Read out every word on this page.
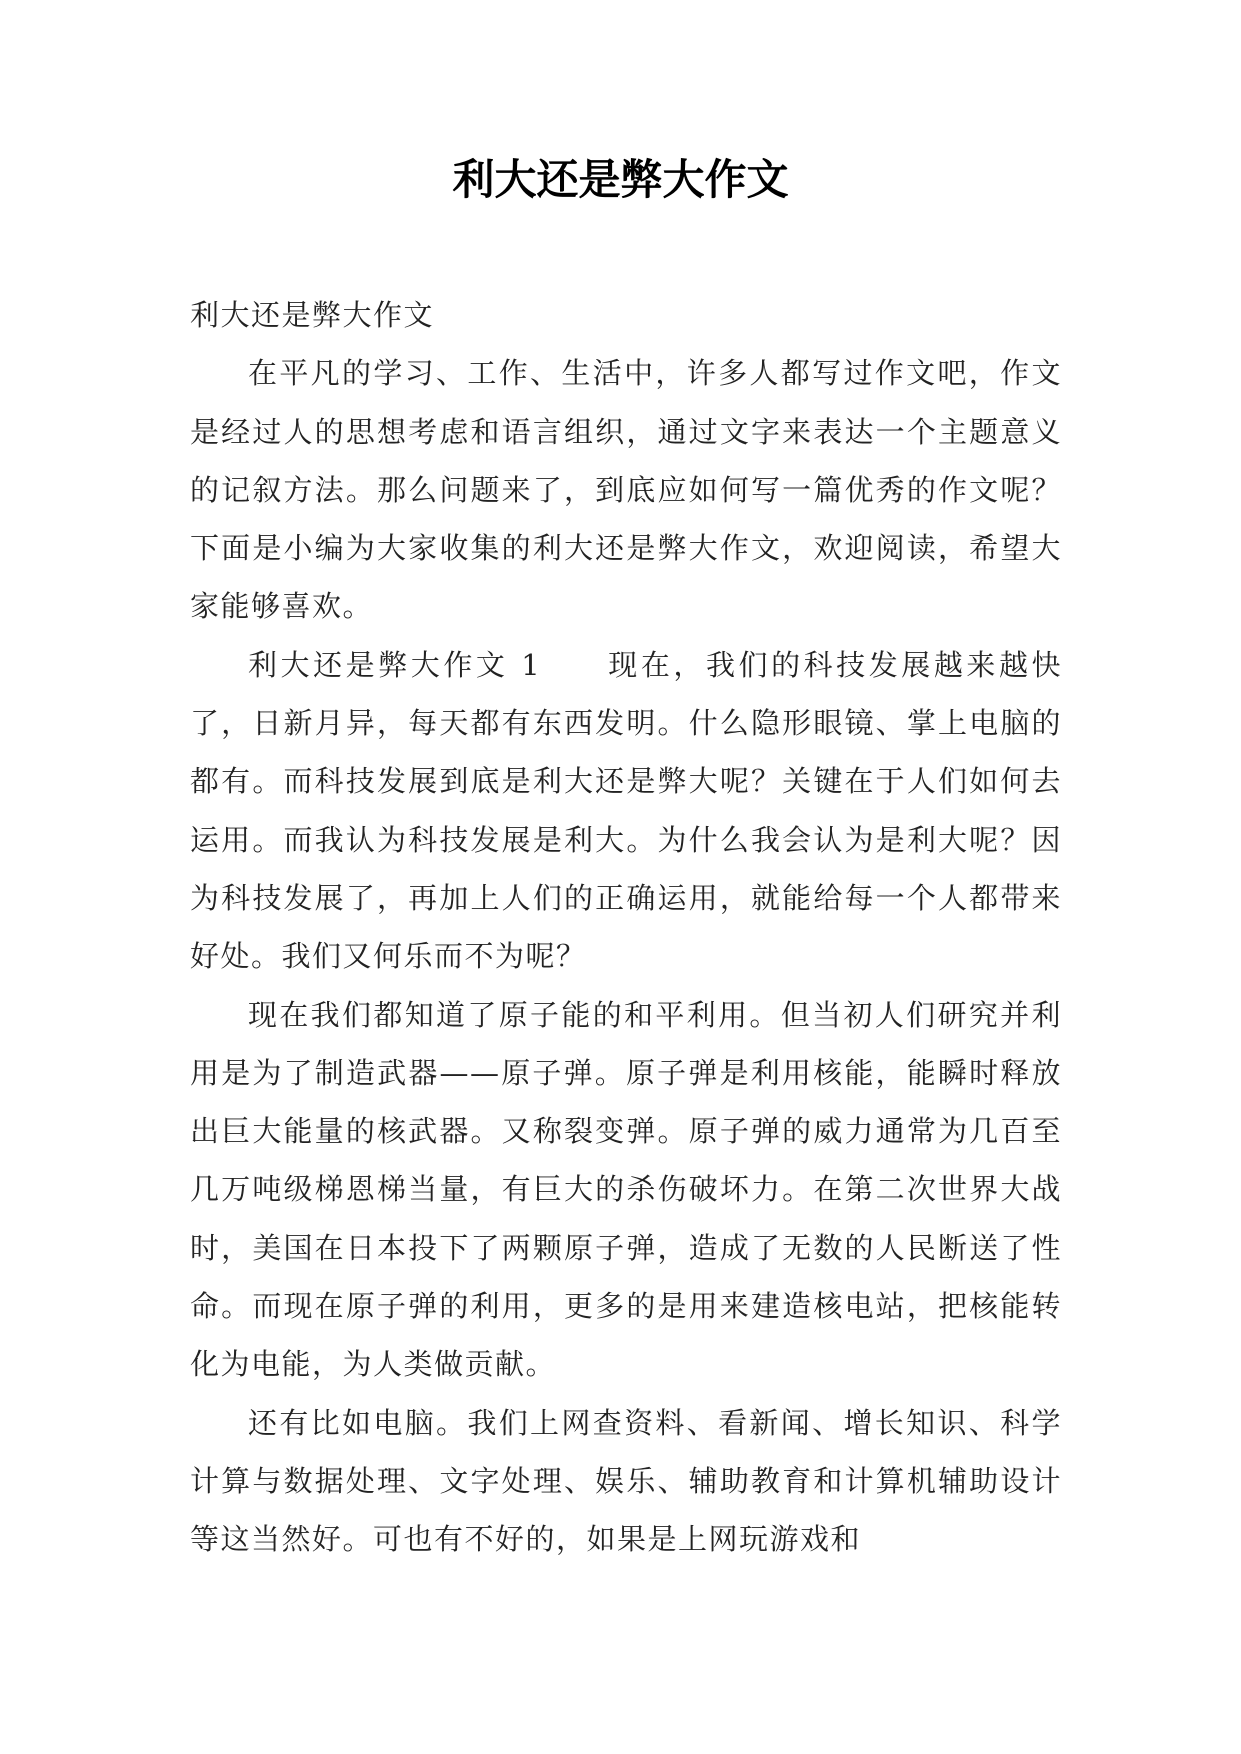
利大还是弊大作文

利大还是弊大作文

在平凡的学习、工作、生活中，许多人都写过作文吧，作文是经过人的思想考虑和语言组织，通过文字来表达一个主题意义的记叙方法。那么问题来了，到底应如何写一篇优秀的作文呢？下面是小编为大家收集的利大还是弊大作文，欢迎阅读，希望大家能够喜欢。

利大还是弊大作文 1　　现在，我们的科技发展越来越快了，日新月异，每天都有东西发明。什么隐形眼镜、掌上电脑的都有。而科技发展到底是利大还是弊大呢？关键在于人们如何去运用。而我认为科技发展是利大。为什么我会认为是利大呢？因为科技发展了，再加上人们的正确运用，就能给每一个人都带来好处。我们又何乐而不为呢？

现在我们都知道了原子能的和平利用。但当初人们研究并利用是为了制造武器——原子弹。原子弹是利用核能，能瞬时释放出巨大能量的核武器。又称裂变弹。原子弹的威力通常为几百至几万吨级梯恩梯当量，有巨大的杀伤破坏力。在第二次世界大战时，美国在日本投下了两颗原子弹，造成了无数的人民断送了性命。而现在原子弹的利用，更多的是用来建造核电站，把核能转化为电能，为人类做贡献。

还有比如电脑。我们上网查资料、看新闻、增长知识、科学计算与数据处理、文字处理、娱乐、辅助教育和计算机辅助设计等这当然好。可也有不好的，如果是上网玩游戏和
